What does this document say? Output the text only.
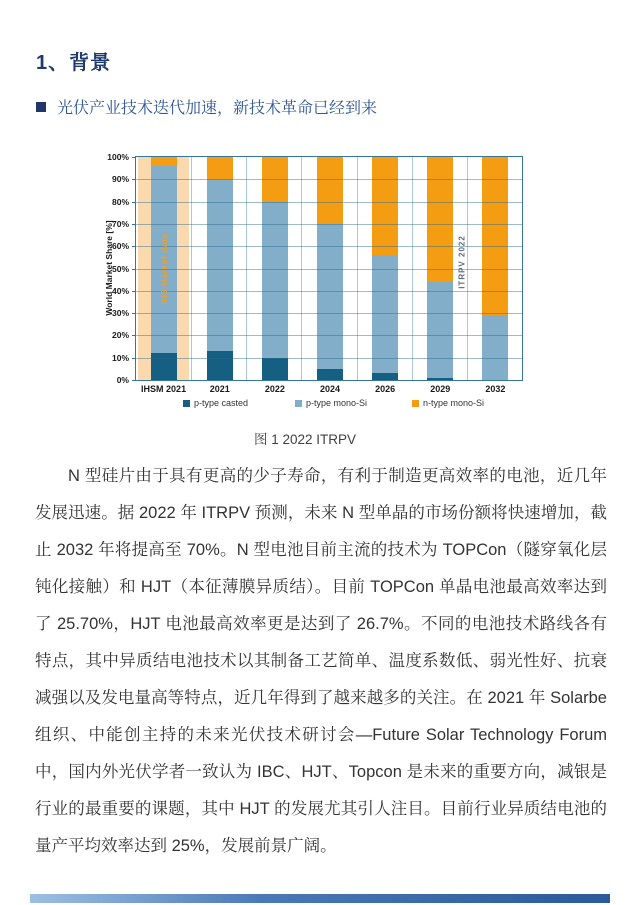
1、背景
光伏产业技术迭代加速，新技术革命已经到来
World Market Share [%]
IHSM 2021	2021	2022	2024	2026	2029	2032
0%
10%
20%
30%
40%
50%
60%
70%
80%
90%
100%
IHS Market data	ITRPV 2022
p-type casted	p-type mono-Si	n-type mono-Si
图 1 2022 ITRPV

N 型硅片由于具有更高的少子寿命，有利于制造更高效率的电池，近几年发展迅速。据 2022 年 ITRPV 预测，未来 N 型单晶的市场份额将快速增加，截止 2032 年将提高至 70%。N 型电池目前主流的技术为 TOPCon（隧穿氧化层钝化接触）和 HJT（本征薄膜异质结）。目前 TOPCon 单晶电池最高效率达到了 25.70%，HJT 电池最高效率更是达到了 26.7%。不同的电池技术路线各有特点，其中异质结电池技术以其制备工艺简单、温度系数低、弱光性好、抗衰减强以及发电量高等特点，近几年得到了越来越多的关注。在 2021 年 Solarbe 组织、中能创主持的未来光伏技术研讨会—Future Solar Technology Forum 中，国内外光伏学者一致认为 IBC、HJT、Topcon 是未来的重要方向，减银是行业的最重要的课题，其中 HJT 的发展尤其引人注目。目前行业异质结电池的量产平均效率达到 25%，发展前景广阔。
